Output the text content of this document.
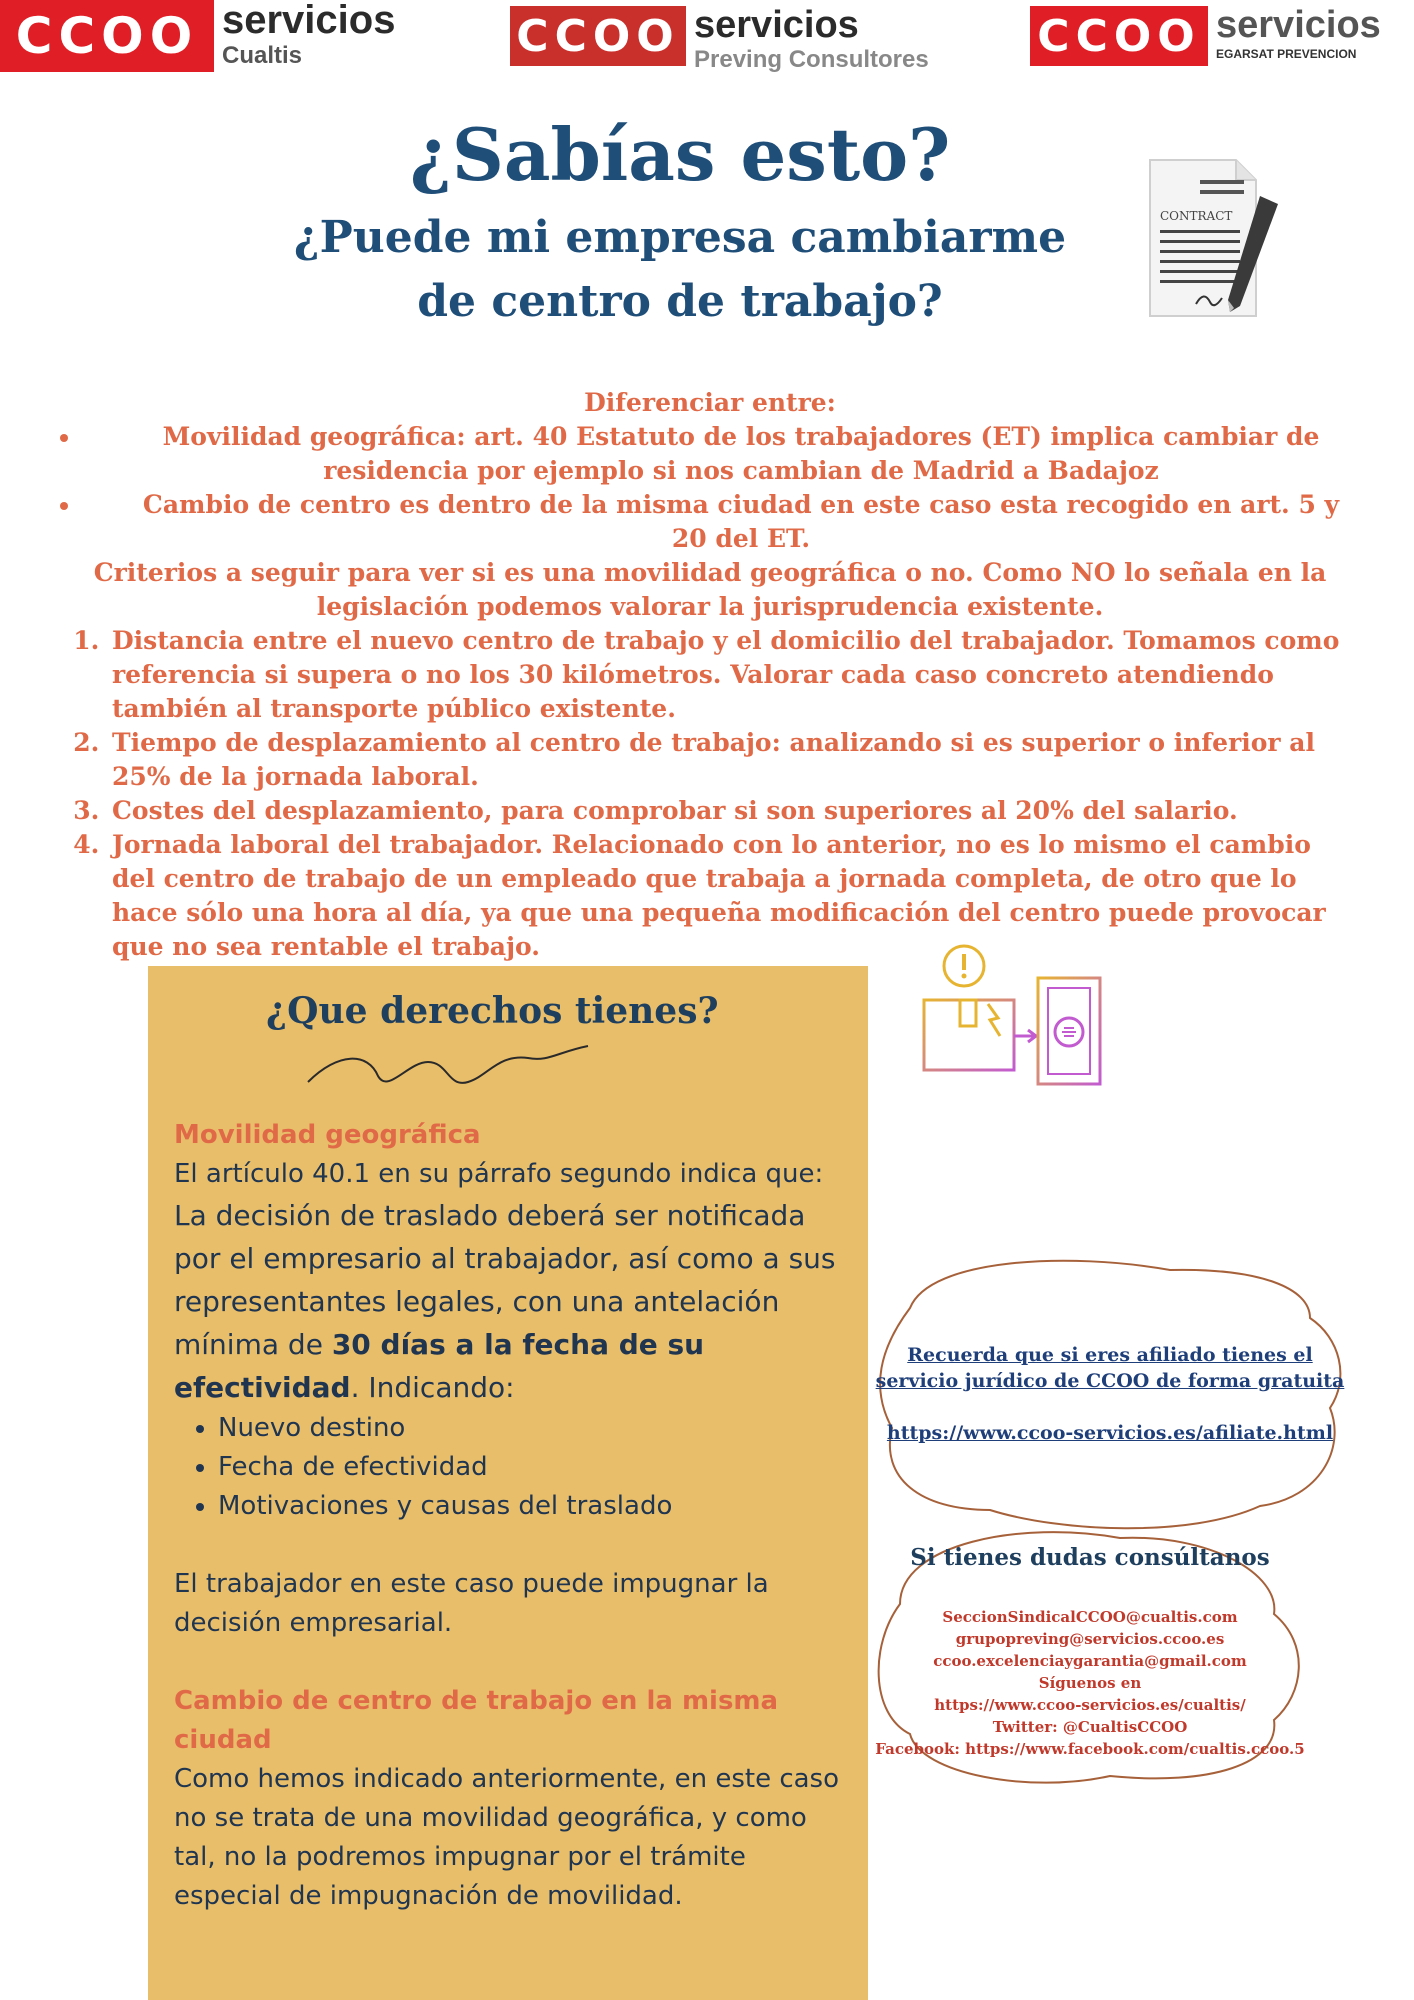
CCOO servicios
Cualtis	CCOO servicios
Preving Consultores CCOO servicios
EGARSAT PREVENCION
¿Sabías esto?
¿Puede mi empresa cambiarme
de centro de trabajo?
CONTRACT
Diferenciar entre:
• Movilidad geográfica: art. 40 Estatuto de los trabajadores (ET) implica cambiar de residencia por ejemplo si nos cambian de Madrid a Badajoz
• Cambio de centro es dentro de la misma ciudad en este caso esta recogido en art. 5 y 20 del ET.
Criterios a seguir para ver si es una movilidad geográfica o no. Como NO lo señala en la legislación podemos valorar la jurisprudencia existente.
1. Distancia entre el nuevo centro de trabajo y el domicilio del trabajador. Tomamos como referencia si supera o no los 30 kilómetros. Valorar cada caso concreto atendiendo también al transporte público existente.
2. Tiempo de desplazamiento al centro de trabajo: analizando si es superior o inferior al 25% de la jornada laboral.
3. Costes del desplazamiento, para comprobar si son superiores al 20% del salario.
4. Jornada laboral del trabajador. Relacionado con lo anterior, no es lo mismo el cambio del centro de trabajo de un empleado que trabaja a jornada completa, de otro que lo hace sólo una hora al día, ya que una pequeña modificación del centro puede provocar que no sea rentable el trabajo.
¿Que derechos tienes?
Movilidad geográfica
El artículo 40.1 en su párrafo segundo indica que:
La decisión de traslado deberá ser notificada por el empresario al trabajador, así como a sus representantes legales, con una antelación mínima de 30 días a la fecha de su efectividad. Indicando:
• Nuevo destino
• Fecha de efectividad
• Motivaciones y causas del traslado
El trabajador en este caso puede impugnar la decisión empresarial.
Cambio de centro de trabajo en la misma ciudad
Como hemos indicado anteriormente, en este caso no se trata de una movilidad geográfica, y como tal, no la podremos impugnar por el trámite especial de impugnación de movilidad.
Recuerda que si eres afiliado tienes el servicio jurídico de CCOO de forma gratuita
https://www.ccoo-servicios.es/afiliate.html
Si tienes dudas consúltanos
SeccionSindicalCCOO@cualtis.com
grupopreving@servicios.ccoo.es
ccoo.excelenciaygarantia@gmail.com
Síguenos en
https://www.ccoo-servicios.es/cualtis/
Twitter: @CualtisCCOO
Facebook: https://www.facebook.com/cualtis.ccoo.5
